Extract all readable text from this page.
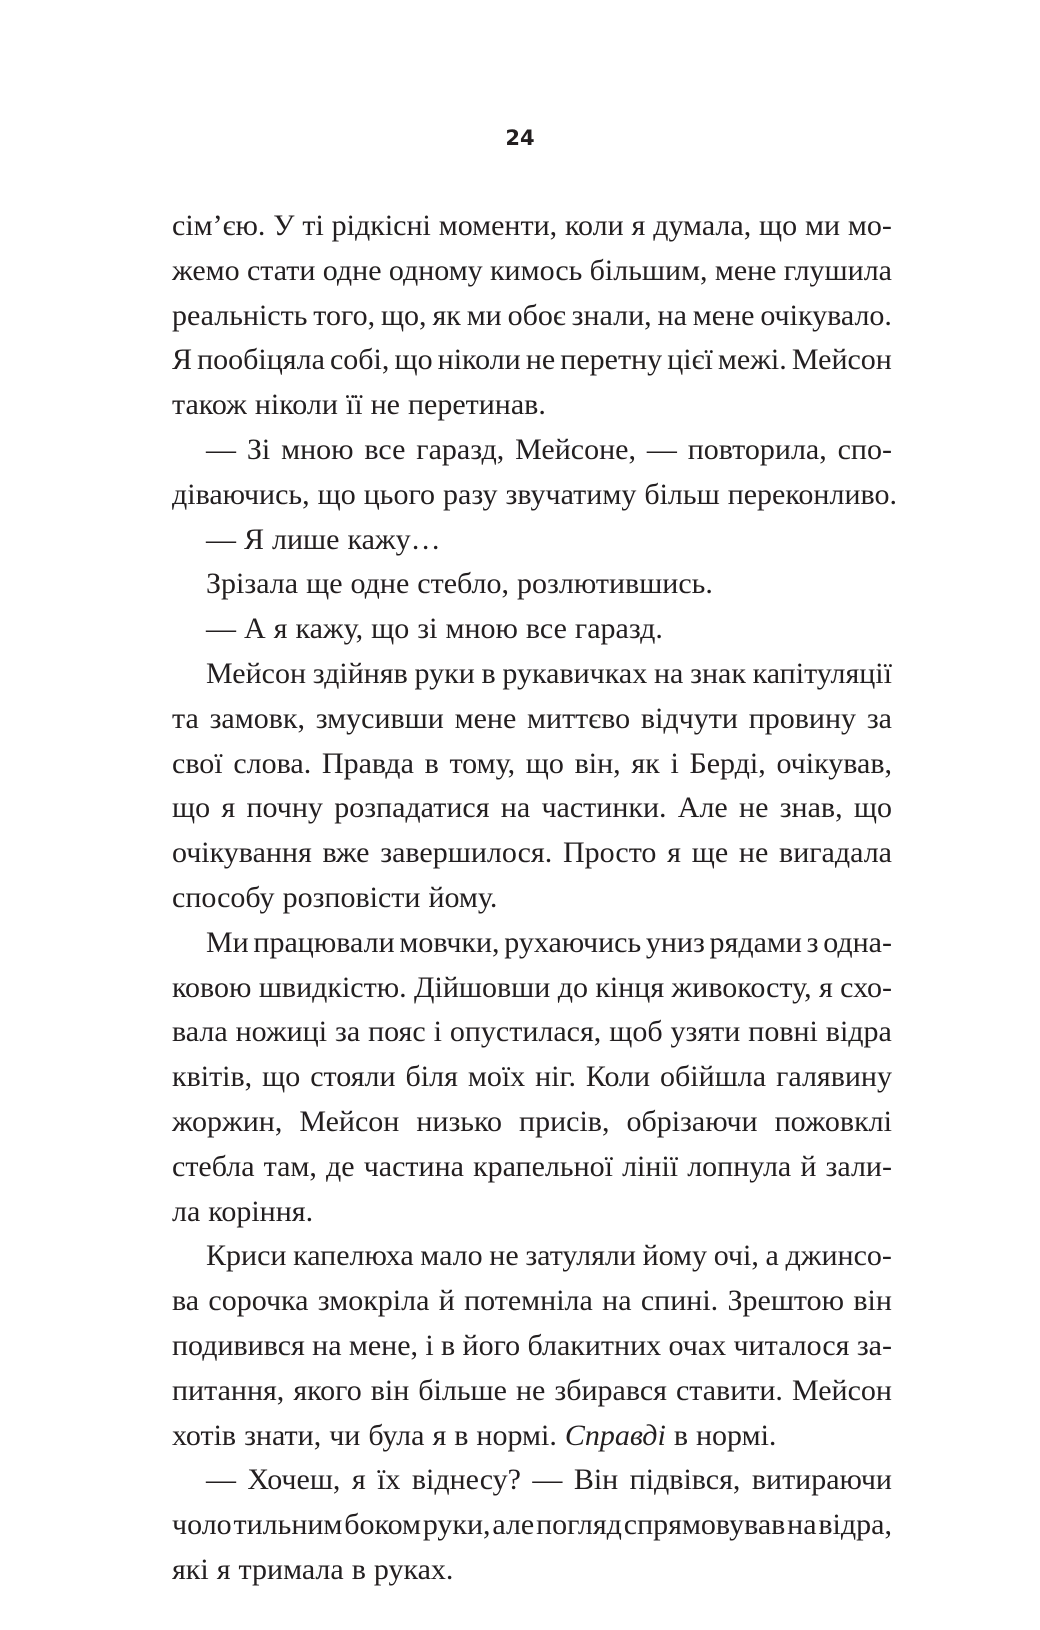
24
сім’єю. У ті рідкісні моменти, коли я думала, що ми мо-
жемо стати одне одному кимось більшим, мене глушила
реальність того, що, як ми обоє знали, на мене очікувало.
Я пообіцяла собі, що ніколи не перетну цієї межі. Мейсон
також ніколи її не перетинав.
— Зі мною все гаразд, Мейсоне, — повторила, спо-
діваючись, що цього разу звучатиму більш переконливо.
— Я лише кажу…
Зрізала ще одне стебло, розлютившись.
— А я кажу, що зі мною все гаразд.
Мейсон здійняв руки в рукавичках на знак капітуляції
та замовк, змусивши мене миттєво відчути провину за
свої слова. Правда в тому, що він, як і Берді, очікував,
що я почну розпадатися на частинки. Але не знав, що
очікування вже завершилося. Просто я ще не вигадала
способу розповісти йому.
Ми працювали мовчки, рухаючись униз рядами з одна-
ковою швидкістю. Дійшовши до кінця живокосту, я схо-
вала ножиці за пояс і опустилася, щоб узяти повні відра
квітів, що стояли біля моїх ніг. Коли обійшла галявину
жоржин, Мейсон низько присів, обрізаючи пожовклі
стебла там, де частина крапельної лінії лопнула й зали-
ла коріння.
Криси капелюха мало не затуляли йому очі, а джинсо-
ва сорочка змокріла й потемніла на спині. Зрештою він
подивився на мене, і в його блакитних очах читалося за-
питання, якого він більше не збирався ставити. Мейсон
хотів знати, чи була я в нормі. Справді в нормі.
— Хочеш, я їх віднесу? — Він підвівся, витираючи
чоло тильним боком руки, але погляд спрямовував на відра,
які я тримала в руках.
